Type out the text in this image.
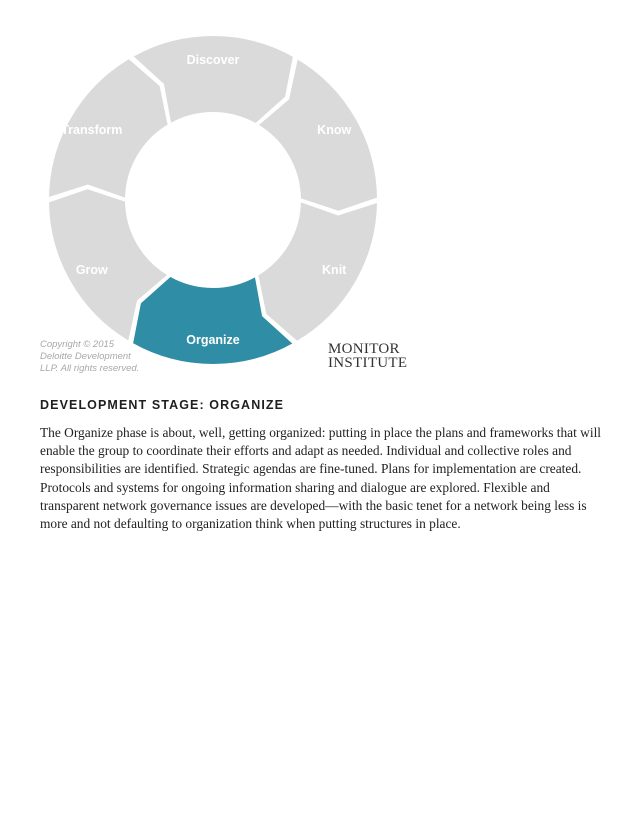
Discover
Know
Knit
Organize
Grow
Transform
Copyright © 2015
Deloitte Development
LLP. All rights reserved.
MONITOR
INSTITUTE
DEVELOPMENT STAGE: ORGANIZE

The Organize phase is about, well, getting organized: putting in place the plans and frameworks that will enable the group to coordinate their efforts and adapt as needed. Individual and collective roles and responsibilities are identified. Strategic agendas are fine-tuned. Plans for implementation are created. Protocols and systems for ongoing information sharing and dialogue are explored. Flexible and transparent network governance issues are developed—with the basic tenet for a network being less is more and not defaulting to organization think when putting structures in place.
